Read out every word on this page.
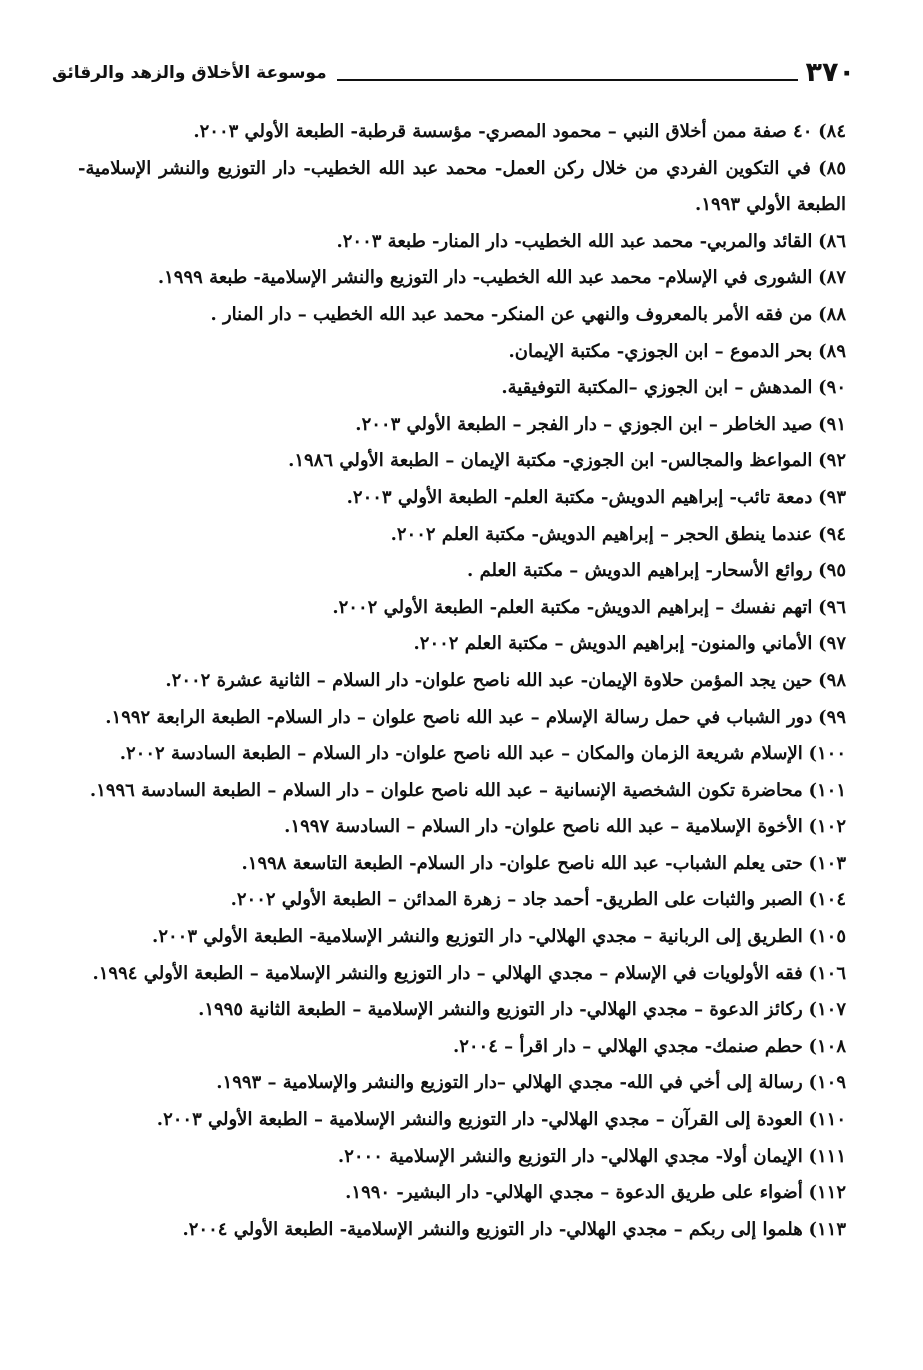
٣٧٠
موسوعة الأخلاق والزهد والرقائق
٨٤) ٤٠ صفة ممن أخلاق النبي – محمود المصري- مؤسسة قرطبة- الطبعة الأولي ٢٠٠٣.
٨٥) في التكوين الفردي من خلال ركن العمل- محمد عبد الله الخطيب- دار التوزيع والنشر الإسلامية- الطبعة الأولي ١٩٩٣.
٨٦) القائد والمربي- محمد عبد الله الخطيب- دار المنار- طبعة ٢٠٠٣.
٨٧) الشورى في الإسلام- محمد عبد الله الخطيب- دار التوزيع والنشر الإسلامية- طبعة ١٩٩٩.
٨٨) من فقه الأمر بالمعروف والنهي عن المنكر- محمد عبد الله الخطيب – دار المنار .
٨٩) بحر الدموع – ابن الجوزي- مكتبة الإيمان.
٩٠) المدهش – ابن الجوزي –المكتبة التوفيقية.
٩١) صيد الخاطر – ابن الجوزي – دار الفجر – الطبعة الأولي ٢٠٠٣.
٩٢) المواعظ والمجالس- ابن الجوزي- مكتبة الإيمان – الطبعة الأولي ١٩٨٦.
٩٣) دمعة تائب- إبراهيم الدويش- مكتبة العلم- الطبعة الأولي ٢٠٠٣.
٩٤) عندما ينطق الحجر – إبراهيم الدويش- مكتبة العلم ٢٠٠٢.
٩٥) روائع الأسحار- إبراهيم الدويش – مكتبة العلم .
٩٦) اتهم نفسك – إبراهيم الدويش- مكتبة العلم- الطبعة الأولي ٢٠٠٢.
٩٧) الأماني والمنون- إبراهيم الدويش – مكتبة العلم ٢٠٠٢.
٩٨) حين يجد المؤمن حلاوة الإيمان- عبد الله ناصح علوان- دار السلام – الثانية عشرة ٢٠٠٢.
٩٩) دور الشباب في حمل رسالة الإسلام – عبد الله ناصح علوان – دار السلام- الطبعة الرابعة ١٩٩٢.
١٠٠) الإسلام شريعة الزمان والمكان – عبد الله ناصح علوان- دار السلام – الطبعة السادسة ٢٠٠٢.
١٠١) محاضرة تكون الشخصية الإنسانية – عبد الله ناصح علوان – دار السلام – الطبعة السادسة ١٩٩٦.
١٠٢) الأخوة الإسلامية – عبد الله ناصح علوان- دار السلام – السادسة ١٩٩٧.
١٠٣) حتى يعلم الشباب- عبد الله ناصح علوان- دار السلام- الطبعة التاسعة ١٩٩٨.
١٠٤) الصبر والثبات على الطريق- أحمد جاد – زهرة المدائن – الطبعة الأولي ٢٠٠٢.
١٠٥) الطريق إلى الربانية – مجدي الهلالي- دار التوزيع والنشر الإسلامية- الطبعة الأولي ٢٠٠٣.
١٠٦) فقه الأولويات في الإسلام – مجدي الهلالي – دار التوزيع والنشر الإسلامية – الطبعة الأولي ١٩٩٤.
١٠٧) ركائز الدعوة – مجدي الهلالي- دار التوزيع والنشر الإسلامية – الطبعة الثانية ١٩٩٥.
١٠٨) حطم صنمك- مجدي الهلالي – دار اقرأ – ٢٠٠٤.
١٠٩) رسالة إلى أخي في الله- مجدي الهلالي –دار التوزيع والنشر والإسلامية – ١٩٩٣.
١١٠) العودة إلى القرآن – مجدي الهلالي- دار التوزيع والنشر الإسلامية – الطبعة الأولي ٢٠٠٣.
١١١) الإيمان أولا- مجدي الهلالي- دار التوزيع والنشر الإسلامية ٢٠٠٠.
١١٢) أضواء على طريق الدعوة – مجدي الهلالي- دار البشير- ١٩٩٠.
١١٣) هلموا إلى ربكم – مجدي الهلالي- دار التوزيع والنشر الإسلامية- الطبعة الأولي ٢٠٠٤.
